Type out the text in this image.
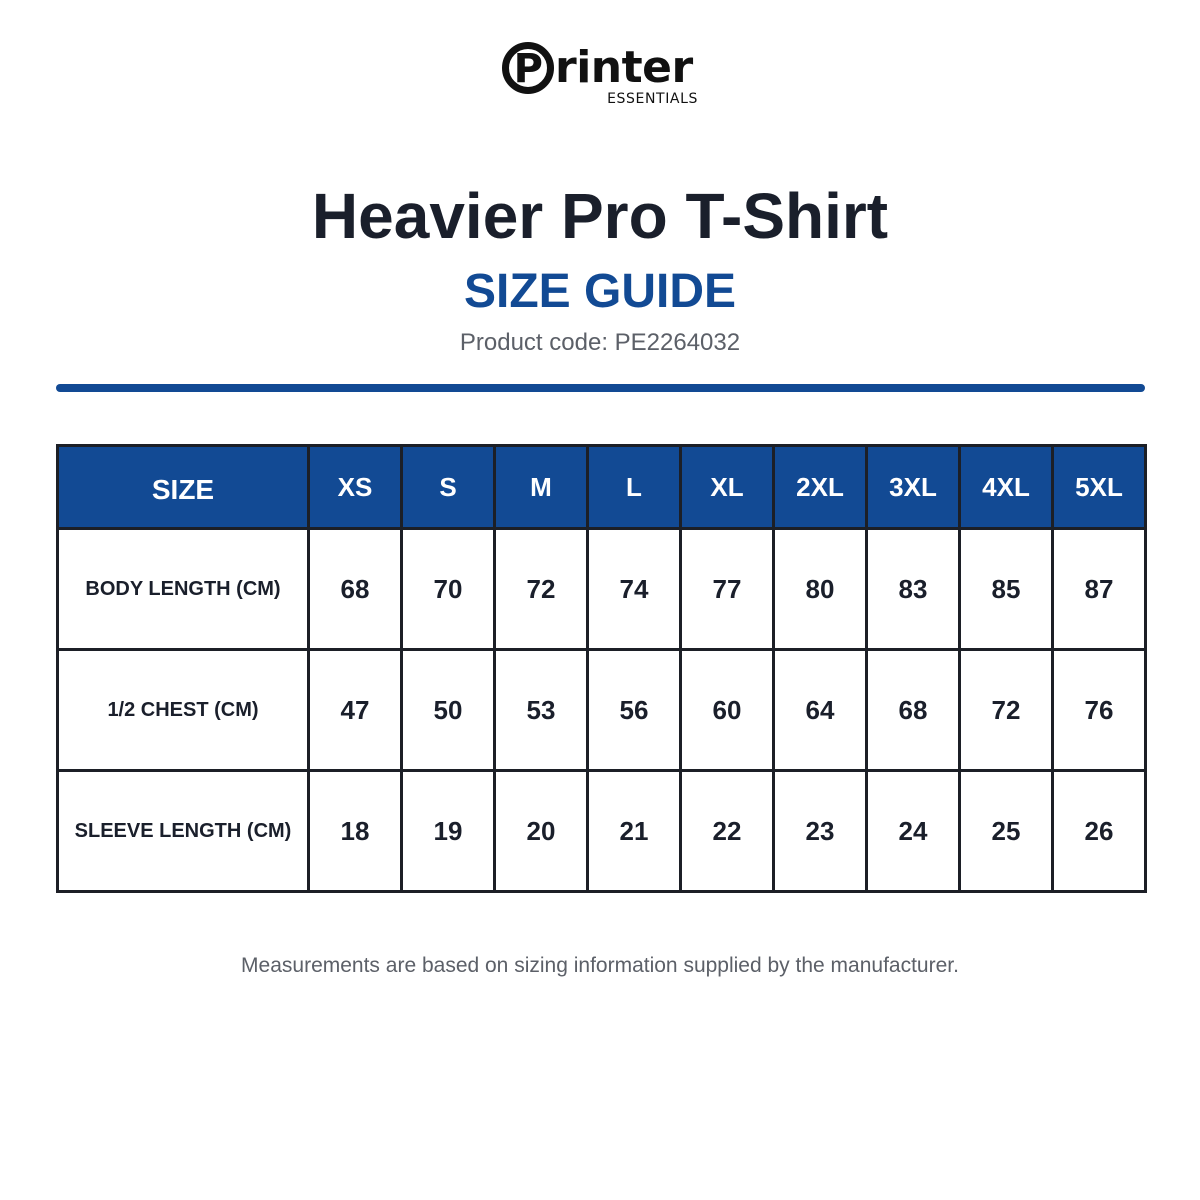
P rinter
ESSENTIALS
Heavier Pro T-Shirt
SIZE GUIDE
Product code: PE2264032
SIZE	XS	S	M	L	XL	2XL	3XL	4XL	5XL
BODY LENGTH (CM)	68	70	72	74	77	80	83	85	87
1/2 CHEST (CM)	47	50	53	56	60	64	68	72	76
SLEEVE LENGTH (CM)	18	19	20	21	22	23	24	25	26
Measurements are based on sizing information supplied by the manufacturer.
